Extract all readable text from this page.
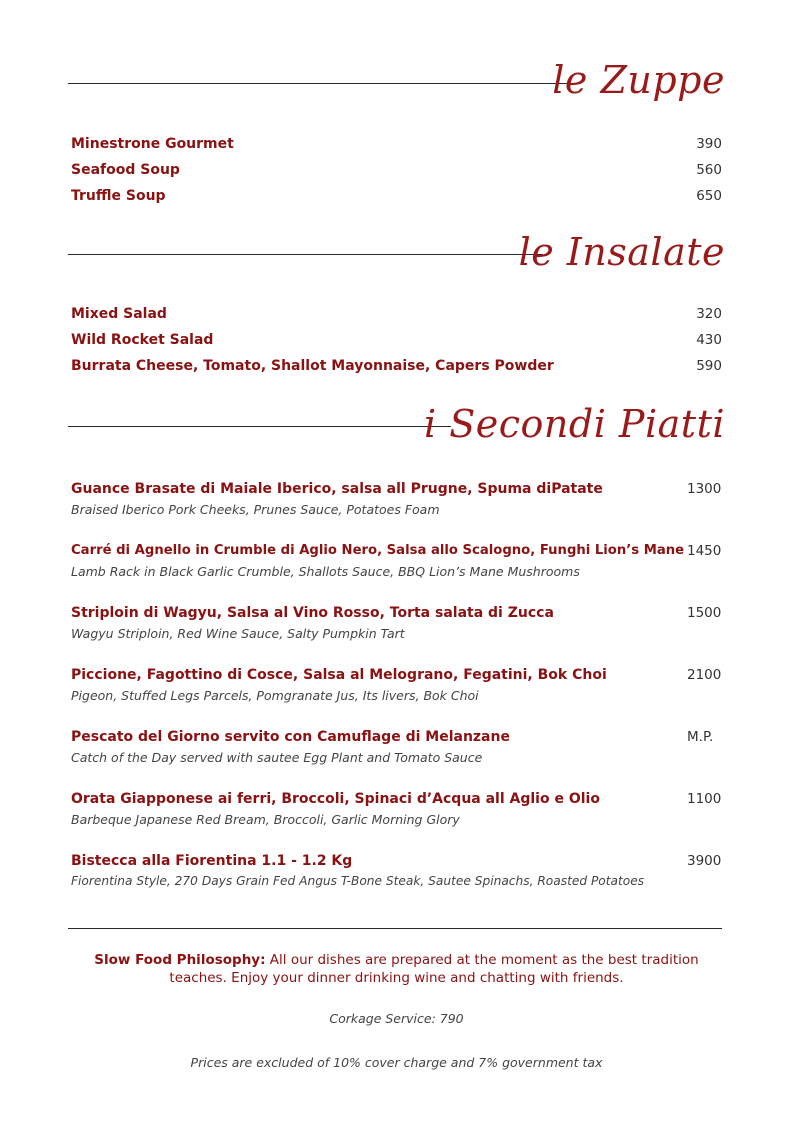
le Zuppe
Minestrone Gourmet	390
Seafood Soup	560
Truffle Soup	650
le Insalate
Mixed Salad	320
Wild Rocket Salad	430
Burrata Cheese, Tomato, Shallot Mayonnaise, Capers Powder	590
i Secondi Piatti
Guance Brasate di Maiale Iberico, salsa all Prugne, Spuma diPatate	1300
Braised Iberico Pork Cheeks, Prunes Sauce, Potatoes Foam
Carré di Agnello in Crumble di Aglio Nero, Salsa allo Scalogno, Funghi Lion’s Mane 1450
Lamb Rack in Black Garlic Crumble, Shallots Sauce, BBQ Lion’s Mane Mushrooms
Striploin di Wagyu, Salsa al Vino Rosso, Torta salata di Zucca	1500
Wagyu Striploin, Red Wine Sauce, Salty Pumpkin Tart
Piccione, Fagottino di Cosce, Salsa al Melograno, Fegatini, Bok Choi	2100
Pigeon, Stuffed Legs Parcels, Pomgranate Jus, Its livers, Bok Choi
Pescato del Giorno servito con Camuflage di Melanzane	M.P.
Catch of the Day served with sautee Egg Plant and Tomato Sauce
Orata Giapponese ai ferri, Broccoli, Spinaci d’Acqua all Aglio e Olio	1100
Barbeque Japanese Red Bream, Broccoli, Garlic Morning Glory
Bistecca alla Fiorentina 1.1 - 1.2 Kg	3900
Fiorentina Style, 270 Days Grain Fed Angus T-Bone Steak, Sautee Spinachs, Roasted Potatoes
Slow Food Philosophy: All our dishes are prepared at the moment as the best tradition teaches. Enjoy your dinner drinking wine and chatting with friends.
Corkage Service: 790
Prices are excluded of 10% cover charge and 7% government tax
